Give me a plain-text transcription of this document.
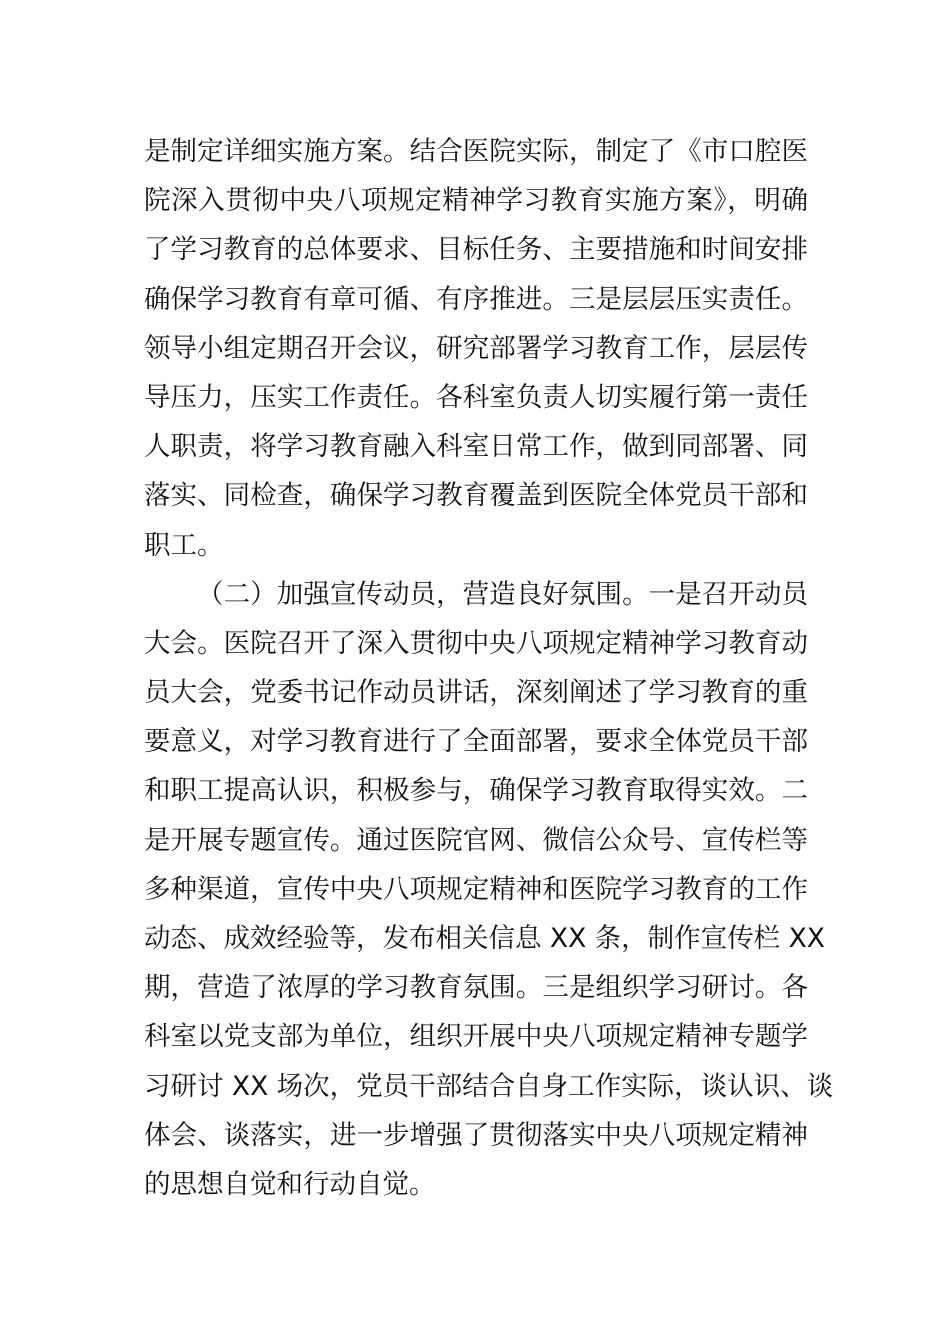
是制定详细实施方案。结合医院实际，制定了《市口腔医
院深入贯彻中央八项规定精神学习教育实施方案》，明确
了学习教育的总体要求、目标任务、主要措施和时间安排
确保学习教育有章可循、有序推进。三是层层压实责任。
领导小组定期召开会议，研究部署学习教育工作，层层传
导压力，压实工作责任。各科室负责人切实履行第一责任
人职责，将学习教育融入科室日常工作，做到同部署、同
落实、同检查，确保学习教育覆盖到医院全体党员干部和
职工。
（二）加强宣传动员，营造良好氛围。一是召开动员
大会。医院召开了深入贯彻中央八项规定精神学习教育动
员大会，党委书记作动员讲话，深刻阐述了学习教育的重
要意义，对学习教育进行了全面部署，要求全体党员干部
和职工提高认识，积极参与，确保学习教育取得实效。二
是开展专题宣传。通过医院官网、微信公众号、宣传栏等
多种渠道，宣传中央八项规定精神和医院学习教育的工作
动态、成效经验等，发布相关信息 XX 条，制作宣传栏 XX
期，营造了浓厚的学习教育氛围。三是组织学习研讨。各
科室以党支部为单位，组织开展中央八项规定精神专题学
习研讨 XX 场次，党员干部结合自身工作实际，谈认识、谈
体会、谈落实，进一步增强了贯彻落实中央八项规定精神
的思想自觉和行动自觉。
